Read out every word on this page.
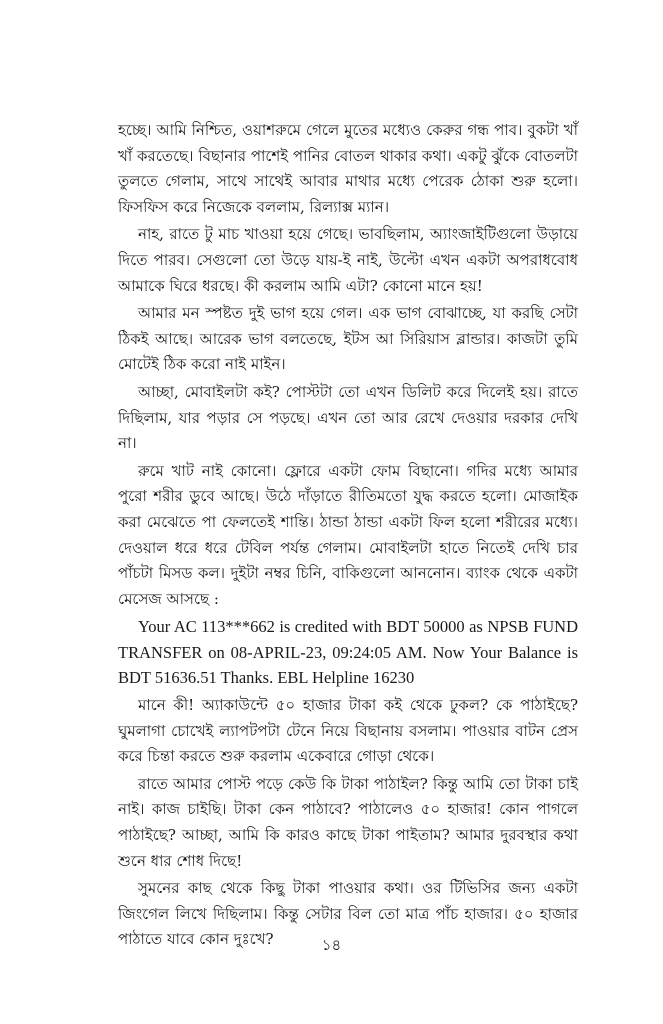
হচ্ছে। আমি নিশ্চিত, ওয়াশরুমে গেলে মুতের মধ্যেও কেরুর গন্ধ পাব। বুকটা খাঁ খাঁ করতেছে। বিছানার পাশেই পানির বোতল থাকার কথা। একটু ঝুঁকে বোতলটা তুলতে গেলাম, সাথে সাথেই আবার মাথার মধ্যে পেরেক ঠোকা শুরু হলো। ফিসফিস করে নিজেকে বললাম, রিল্যাক্স ম্যান।

নাহ, রাতে টু মাচ খাওয়া হয়ে গেছে। ভাবছিলাম, অ্যাংজাইটিগুলো উড়ায়ে দিতে পারব। সেগুলো তো উড়ে যায়-ই নাই, উল্টো এখন একটা অপরাধবোধ আমাকে ঘিরে ধরছে। কী করলাম আমি এটা? কোনো মানে হয়!

আমার মন স্পষ্টত দুই ভাগ হয়ে গেল। এক ভাগ বোঝাচ্ছে, যা করছি সেটা ঠিকই আছে। আরেক ভাগ বলতেছে, ইটস আ সিরিয়াস ব্লান্ডার। কাজটা তুমি মোটেই ঠিক করো নাই মাইন।

আচ্ছা, মোবাইলটা কই? পোস্টটা তো এখন ডিলিট করে দিলেই হয়। রাতে দিছিলাম, যার পড়ার সে পড়ছে। এখন তো আর রেখে দেওয়ার দরকার দেখি না।

রুমে খাট নাই কোনো। ফ্লোরে একটা ফোম বিছানো। গদির মধ্যে আমার পুরো শরীর ডুবে আছে। উঠে দাঁড়াতে রীতিমতো যুদ্ধ করতে হলো। মোজাইক করা মেঝেতে পা ফেলতেই শান্তি। ঠান্ডা ঠান্ডা একটা ফিল হলো শরীরের মধ্যে। দেওয়াল ধরে ধরে টেবিল পর্যন্ত গেলাম। মোবাইলটা হাতে নিতেই দেখি চার পাঁচটা মিসড কল। দুইটা নম্বর চিনি, বাকিগুলো আননোন। ব্যাংক থেকে একটা মেসেজ আসছে :

Your AC 113***662 is credited with BDT 50000 as NPSB FUND TRANSFER on 08-APRIL-23, 09:24:05 AM. Now Your Balance is BDT 51636.51 Thanks. EBL Helpline 16230

মানে কী! অ্যাকাউন্টে ৫০ হাজার টাকা কই থেকে ঢুকল? কে পাঠাইছে? ঘুমলাগা চোখেই ল্যাপটপটা টেনে নিয়ে বিছানায় বসলাম। পাওয়ার বাটন প্রেস করে চিন্তা করতে শুরু করলাম একেবারে গোড়া থেকে।

রাতে আমার পোস্ট পড়ে কেউ কি টাকা পাঠাইল? কিন্তু আমি তো টাকা চাই নাই। কাজ চাইছি। টাকা কেন পাঠাবে? পাঠালেও ৫০ হাজার! কোন পাগলে পাঠাইছে? আচ্ছা, আমি কি কারও কাছে টাকা পাইতাম? আমার দুরবস্থার কথা শুনে ধার শোধ দিছে!

সুমনের কাছ থেকে কিছু টাকা পাওয়ার কথা। ওর টিভিসির জন্য একটা জিংগেল লিখে দিছিলাম। কিন্তু সেটার বিল তো মাত্র পাঁচ হাজার। ৫০ হাজার পাঠাতে যাবে কোন দুঃখে?	১৪
